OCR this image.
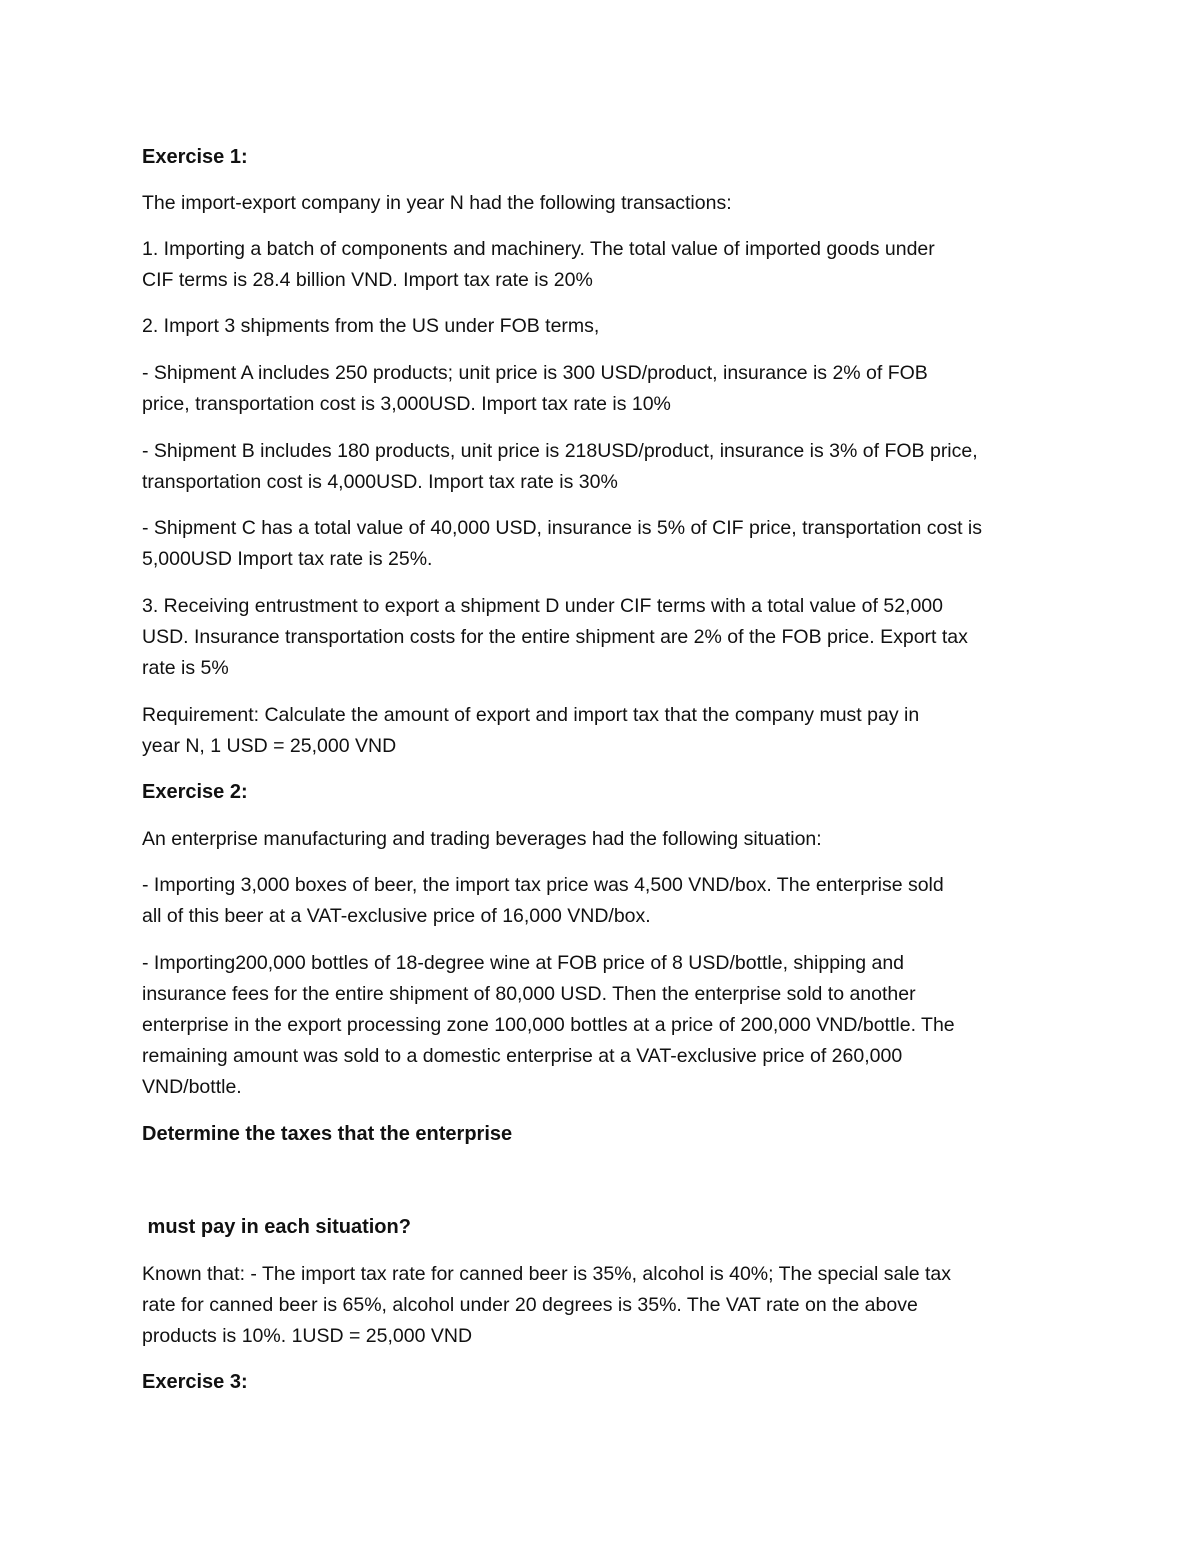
Exercise 1:
The import-export company in year N had the following transactions:
1. Importing a batch of components and machinery. The total value of imported goods under
CIF terms is 28.4 billion VND. Import tax rate is 20%
2. Import 3 shipments from the US under FOB terms,
- Shipment A includes 250 products; unit price is 300 USD/product, insurance is 2% of FOB
price, transportation cost is 3,000USD. Import tax rate is 10%
- Shipment B includes 180 products, unit price is 218USD/product, insurance is 3% of FOB price,
transportation cost is 4,000USD. Import tax rate is 30%
- Shipment C has a total value of 40,000 USD, insurance is 5% of CIF price, transportation cost is
5,000USD Import tax rate is 25%.
3. Receiving entrustment to export a shipment D under CIF terms with a total value of 52,000
USD. Insurance transportation costs for the entire shipment are 2% of the FOB price. Export tax
rate is 5%
Requirement: Calculate the amount of export and import tax that the company must pay in
year N, 1 USD = 25,000 VND
Exercise 2:
An enterprise manufacturing and trading beverages had the following situation:
- Importing 3,000 boxes of beer, the import tax price was 4,500 VND/box. The enterprise sold
all of this beer at a VAT-exclusive price of 16,000 VND/box.
- Importing200,000 bottles of 18-degree wine at FOB price of 8 USD/bottle, shipping and
insurance fees for the entire shipment of 80,000 USD. Then the enterprise sold to another
enterprise in the export processing zone 100,000 bottles at a price of 200,000 VND/bottle. The
remaining amount was sold to a domestic enterprise at a VAT-exclusive price of 260,000
VND/bottle.
Determine the taxes that the enterprise
must pay in each situation?
Known that: - The import tax rate for canned beer is 35%, alcohol is 40%; The special sale tax
rate for canned beer is 65%, alcohol under 20 degrees is 35%. The VAT rate on the above
products is 10%. 1USD = 25,000 VND
Exercise 3:
